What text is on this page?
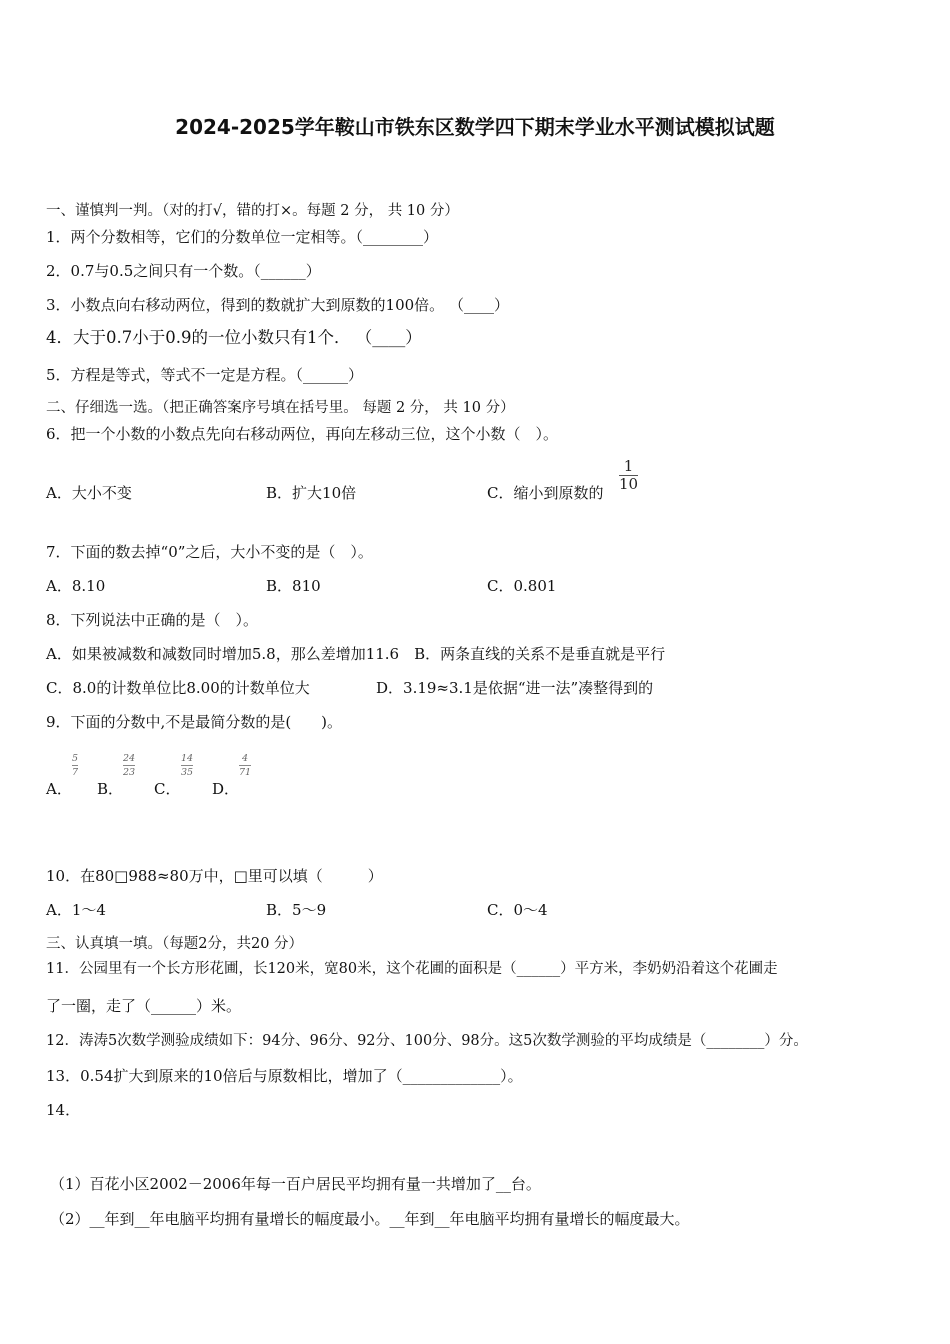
2024-2025学年鞍山市铁东区数学四下期末学业水平测试模拟试题
一、谨慎判一判。（对的打√，错的打×。每题 2 分， 共 10 分）
1．两个分数相等，它们的分数单位一定相等。（________）
2．0.7与0.5之间只有一个数。（______）
3．小数点向右移动两位，得到的数就扩大到原数的100倍。 （____）
4．大于0.7小于0.9的一位小数只有1个． （____）
5．方程是等式，等式不一定是方程。（______）
二、仔细选一选。（把正确答案序号填在括号里。 每题 2 分， 共 10 分）
6．把一个小数的小数点先向右移动两位，再向左移动三位，这个小数（　）。
A．大小不变	B．扩大10倍	C．缩小到原数的
1
10
7．下面的数去掉“0”之后，大小不变的是（　）。
A．8.10	B．810	C．0.801
8．下列说法中正确的是（　）。
A．如果被减数和减数同时增加5.8，那么差增加11.6　B．两条直线的关系不是垂直就是平行
C．8.0的计数单位比8.00的计数单位大	D．3.19≈3.1是依据“进一法”凑整得到的
9．下面的分数中,不是最简分数的是(　　)。
A．
5
7
B．
24
23
C．
14
35
D．
4
71
10．在80□988≈80万中，□里可以填（　　　）
A．1～4	B．5～9	C．0～4
三、认真填一填。（每题2分，共20 分）
11．公园里有一个长方形花圃，长120米，宽80米，这个花圃的面积是（______）平方米，李奶奶沿着这个花圃走
了一圈，走了（______）米。
12．涛涛5次数学测验成绩如下：94分、96分、92分、100分、98分。这5次数学测验的平均成绩是（________）分。
13．0.54扩大到原来的10倍后与原数相比，增加了（_____________）。
14．
（1）百花小区2002－2006年每一百户居民平均拥有量一共增加了__台。
（2）__年到__年电脑平均拥有量增长的幅度最小。__年到__年电脑平均拥有量增长的幅度最大。
